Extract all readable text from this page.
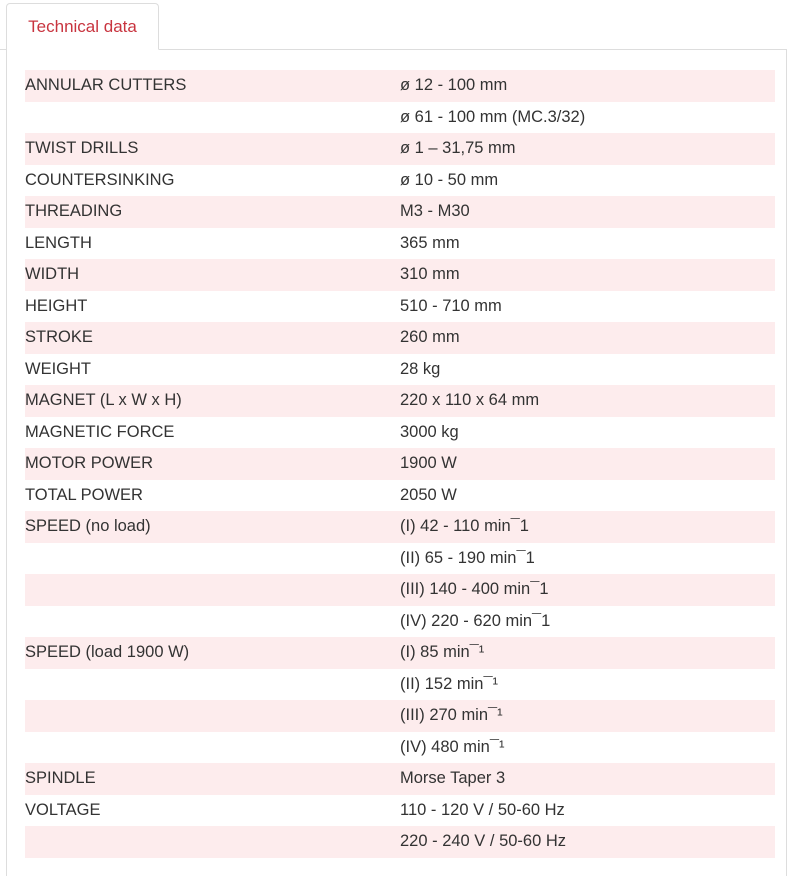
Technical data
ANNULAR CUTTERS	ø 12 - 100 mm
	ø 61 - 100 mm (MC.3/32)
TWIST DRILLS	ø 1 – 31,75 mm
COUNTERSINKING	ø 10 - 50 mm
THREADING	M3 - M30
LENGTH	365 mm
WIDTH	310 mm
HEIGHT	510 - 710 mm
STROKE	260 mm
WEIGHT	28 kg
MAGNET (L x W x H)	220 x 110 x 64 mm
MAGNETIC FORCE	3000 kg
MOTOR POWER	1900 W
TOTAL POWER	2050 W
SPEED (no load)	(I) 42 - 110 min¯1
	(II) 65 - 190 min¯1
	(III) 140 - 400 min¯1
	(IV) 220 - 620 min¯1
SPEED (load 1900 W)	(I) 85 min¯¹
	(II) 152 min¯¹
	(III) 270 min¯¹
	(IV) 480 min¯¹
SPINDLE	Morse Taper 3
VOLTAGE	110 - 120 V / 50-60 Hz
	220 - 240 V / 50-60 Hz
